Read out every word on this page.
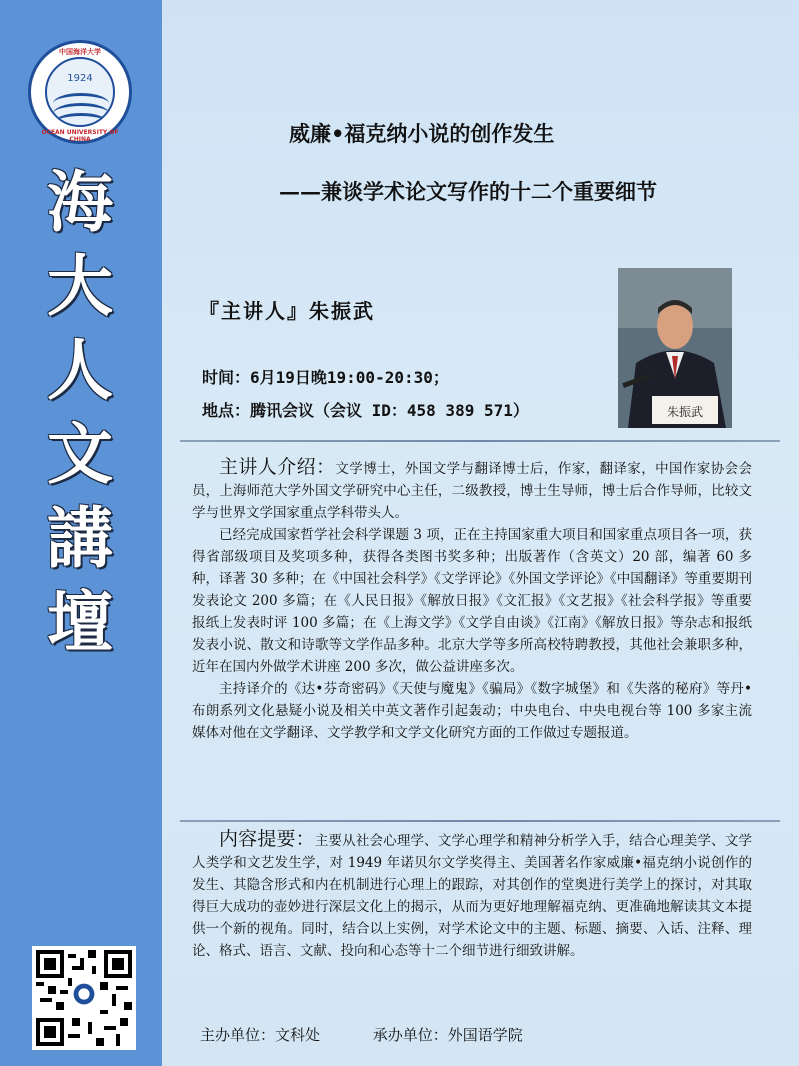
中国海洋大学
1924
OCEAN UNIVERSITY OF CHINA
海
大
人
文
講
壇
威廉•福克纳小说的创作发生
——兼谈学术论文写作的十二个重要细节
『主讲人』朱振武
时间：6月19日晚19:00-20:30；
地点：腾讯会议（会议 ID：458 389 571）	朱振武

主讲人介绍：文学博士，外国文学与翻译博士后，作家，翻译家，中国作家协会会员，上海师范大学外国文学研究中心主任，二级教授，博士生导师，博士后合作导师，比较文学与世界文学国家重点学科带头人。

已经完成国家哲学社会科学课题 3 项，正在主持国家重大项目和国家重点项目各一项，获得省部级项目及奖项多种，获得各类图书奖多种；出版著作（含英文）20 部，编著 60 多种，译著 30 多种；在《中国社会科学》《文学评论》《外国文学评论》《中国翻译》等重要期刊发表论文 200 多篇；在《人民日报》《解放日报》《文汇报》《文艺报》《社会科学报》等重要报纸上发表时评 100 多篇；在《上海文学》《文学自由谈》《江南》《解放日报》等杂志和报纸发表小说、散文和诗歌等文学作品多种。北京大学等多所高校特聘教授，其他社会兼职多种，近年在国内外做学术讲座 200 多次，做公益讲座多次。

主持译介的《达•芬奇密码》《天使与魔鬼》《骗局》《数字城堡》和《失落的秘府》等丹•布朗系列文化悬疑小说及相关中英文著作引起轰动；中央电台、中央电视台等 100 多家主流媒体对他在文学翻译、文学教学和文学文化研究方面的工作做过专题报道。

内容提要：主要从社会心理学、文学心理学和精神分析学入手，结合心理美学、文学人类学和文艺发生学，对 1949 年诺贝尔文学奖得主、美国著名作家威廉•福克纳小说创作的发生、其隐含形式和内在机制进行心理上的跟踪，对其创作的堂奥进行美学上的探讨，对其取得巨大成功的壶妙进行深层文化上的揭示，从而为更好地理解福克纳、更准确地解读其文本提供一个新的视角。同时，结合以上实例，对学术论文中的主题、标题、摘要、入话、注释、理论、格式、语言、文献、投向和心态等十二个细节进行细致讲解。

主办单位：文科处	承办单位：外国语学院
